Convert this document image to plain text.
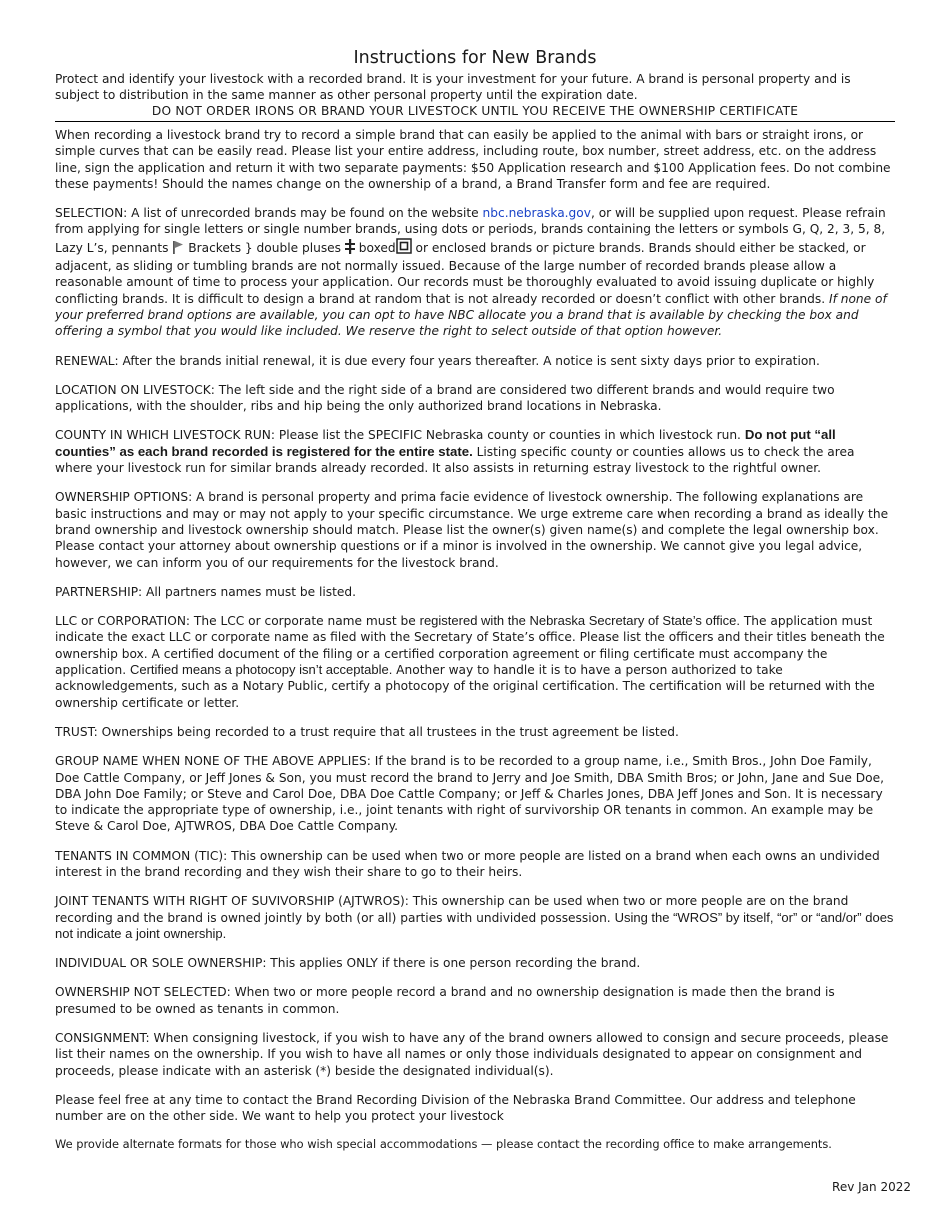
Instructions for New Brands

Protect and identify your livestock with a recorded brand. It is your investment for your future. A brand is personal property and is subject to distribution in the same manner as other personal property until the expiration date.

DO NOT ORDER IRONS OR BRAND YOUR LIVESTOCK UNTIL YOU RECEIVE THE OWNERSHIP CERTIFICATE

When recording a livestock brand try to record a simple brand that can easily be applied to the animal with bars or straight irons, or simple curves that can be easily read. Please list your entire address, including route, box number, street address, etc. on the address line, sign the application and return it with two separate payments: $50 Application research and $100 Application fees. Do not combine these payments! Should the names change on the ownership of a brand, a Brand Transfer form and fee are required.

SELECTION: A list of unrecorded brands may be found on the website nbc.nebraska.gov, or will be supplied upon request. Please refrain from applying for single letters or single number brands, using dots or periods, brands containing the letters or symbols G, Q, 2, 3, 5, 8, Lazy L’s, pennants  Brackets } double pluses  boxed or enclosed brands or picture brands. Brands should either be stacked, or adjacent, as sliding or tumbling brands are not normally issued. Because of the large number of recorded brands please allow a reasonable amount of time to process your application. Our records must be thoroughly evaluated to avoid issuing duplicate or highly conflicting brands. It is difficult to design a brand at random that is not already recorded or doesn’t conflict with other brands. If none of your preferred brand options are available, you can opt to have NBC allocate you a brand that is available by checking the box and offering a symbol that you would like included. We reserve the right to select outside of that option however.

RENEWAL: After the brands initial renewal, it is due every four years thereafter. A notice is sent sixty days prior to expiration.

LOCATION ON LIVESTOCK: The left side and the right side of a brand are considered two different brands and would require two applications, with the shoulder, ribs and hip being the only authorized brand locations in Nebraska.

COUNTY IN WHICH LIVESTOCK RUN: Please list the SPECIFIC Nebraska county or counties in which livestock run. Do not put “all counties” as each brand recorded is registered for the entire state. Listing specific county or counties allows us to check the area where your livestock run for similar brands already recorded. It also assists in returning estray livestock to the rightful owner.

OWNERSHIP OPTIONS: A brand is personal property and prima facie evidence of livestock ownership. The following explanations are basic instructions and may or may not apply to your specific circumstance. We urge extreme care when recording a brand as ideally the brand ownership and livestock ownership should match. Please list the owner(s) given name(s) and complete the legal ownership box. Please contact your attorney about ownership questions or if a minor is involved in the ownership. We cannot give you legal advice, however, we can inform you of our requirements for the livestock brand.

PARTNERSHIP: All partners names must be listed.

LLC or CORPORATION: The LCC or corporate name must be registered with the Nebraska Secretary of State’s office. The application must indicate the exact LLC or corporate name as filed with the Secretary of State’s office. Please list the officers and their titles beneath the ownership box. A certified document of the filing or a certified corporation agreement or filing certificate must accompany the application. Certified means a photocopy isn’t acceptable. Another way to handle it is to have a person authorized to take acknowledgements, such as a Notary Public, certify a photocopy of the original certification. The certification will be returned with the ownership certificate or letter.

TRUST: Ownerships being recorded to a trust require that all trustees in the trust agreement be listed.

GROUP NAME WHEN NONE OF THE ABOVE APPLIES: If the brand is to be recorded to a group name, i.e., Smith Bros., John Doe Family, Doe Cattle Company, or Jeff Jones & Son, you must record the brand to Jerry and Joe Smith, DBA Smith Bros; or John, Jane and Sue Doe, DBA John Doe Family; or Steve and Carol Doe, DBA Doe Cattle Company; or Jeff & Charles Jones, DBA Jeff Jones and Son. It is necessary to indicate the appropriate type of ownership, i.e., joint tenants with right of survivorship OR tenants in common. An example may be Steve & Carol Doe, AJTWROS, DBA Doe Cattle Company.

TENANTS IN COMMON (TIC): This ownership can be used when two or more people are listed on a brand when each owns an undivided interest in the brand recording and they wish their share to go to their heirs.

JOINT TENANTS WITH RIGHT OF SUVIVORSHIP (AJTWROS): This ownership can be used when two or more people are on the brand recording and the brand is owned jointly by both (or all) parties with undivided possession. Using the “WROS” by itself, “or” or “and/or” does not indicate a joint ownership.

INDIVIDUAL OR SOLE OWNERSHIP: This applies ONLY if there is one person recording the brand.

OWNERSHIP NOT SELECTED: When two or more people record a brand and no ownership designation is made then the brand is presumed to be owned as tenants in common.

CONSIGNMENT: When consigning livestock, if you wish to have any of the brand owners allowed to consign and secure proceeds, please list their names on the ownership. If you wish to have all names or only those individuals designated to appear on consignment and proceeds, please indicate with an asterisk (*) beside the designated individual(s).

Please feel free at any time to contact the Brand Recording Division of the Nebraska Brand Committee. Our address and telephone number are on the other side. We want to help you protect your livestock

We provide alternate formats for those who wish special accommodations — please contact the recording office to make arrangements.

Rev Jan 2022
